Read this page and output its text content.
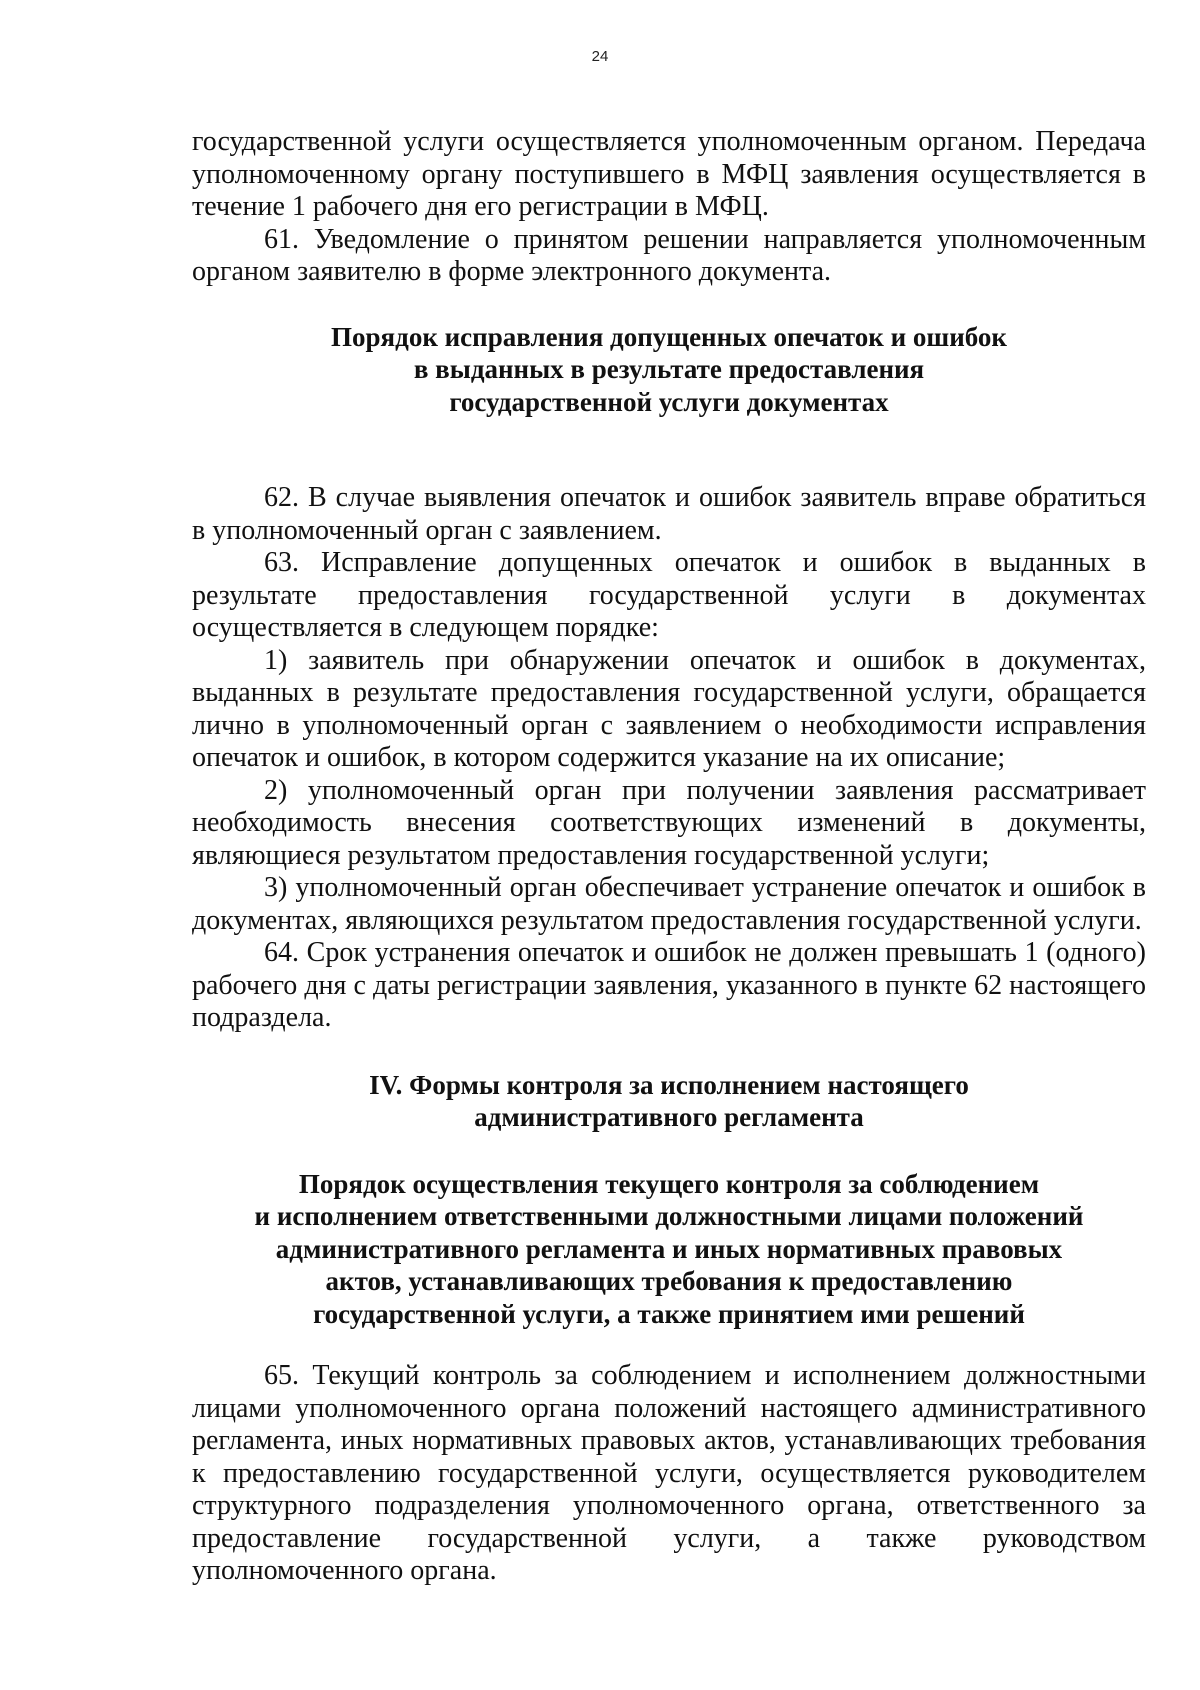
24

государственной услуги осуществляется уполномоченным органом. Передача уполномоченному органу поступившего в МФЦ заявления осуществляется в течение 1 рабочего дня его регистрации в МФЦ.

61. Уведомление о принятом решении направляется уполномоченным органом заявителю в форме электронного документа.

Порядок исправления допущенных опечаток и ошибок
в выданных в результате предоставления
государственной услуги документах

62. В случае выявления опечаток и ошибок заявитель вправе обратиться в уполномоченный орган с заявлением.

63. Исправление допущенных опечаток и ошибок в выданных в результате предоставления государственной услуги в документах осуществляется в следующем порядке:

1) заявитель при обнаружении опечаток и ошибок в документах, выданных в результате предоставления государственной услуги, обращается лично в уполномоченный орган с заявлением о необходимости исправления опечаток и ошибок, в котором содержится указание на их описание;

2) уполномоченный орган при получении заявления рассматривает необходимость внесения соответствующих изменений в документы, являющиеся результатом предоставления государственной услуги;

3) уполномоченный орган обеспечивает устранение опечаток и ошибок в документах, являющихся результатом предоставления государственной услуги.

64. Срок устранения опечаток и ошибок не должен превышать 1 (одного) рабочего дня с даты регистрации заявления, указанного в пункте 62 настоящего подраздела.

IV. Формы контроля за исполнением настоящего
административного регламента
Порядок осуществления текущего контроля за соблюдением
и исполнением ответственными должностными лицами положений
административного регламента и иных нормативных правовых
актов, устанавливающих требования к предоставлению
государственной услуги, а также принятием ими решений

65. Текущий контроль за соблюдением и исполнением должностными лицами уполномоченного органа положений настоящего административного регламента, иных нормативных правовых актов, устанавливающих требования к предоставлению государственной услуги, осуществляется руководителем структурного подразделения уполномоченного органа, ответственного за предоставление государственной услуги, а также руководством уполномоченного органа.
